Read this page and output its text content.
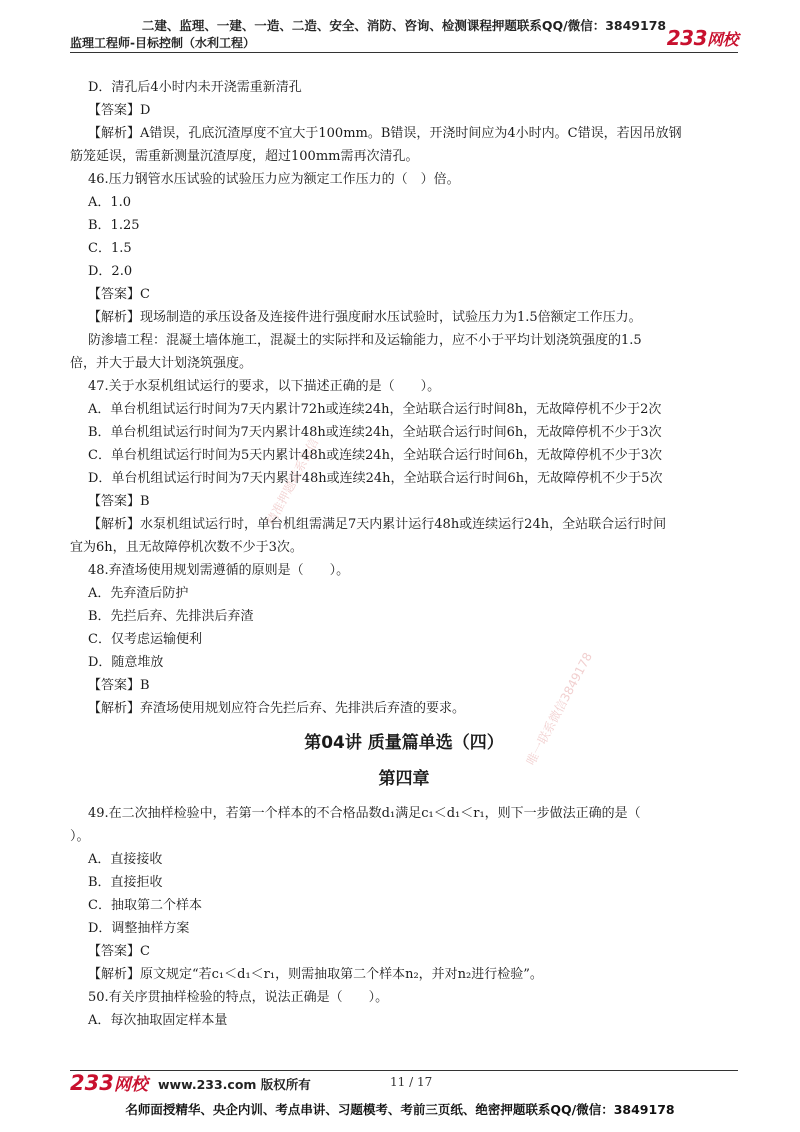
二建、监理、一建、一造、二造、安全、消防、咨询、检测课程押题联系QQ/微信：3849178
监理工程师-目标控制（水利工程）	233网校
精准押题联系微信
唯一联系微信3849178
D．清孔后4小时内未开浇需重新清孔
【答案】D
【解析】A错误，孔底沉渣厚度不宜大于100mm。B错误，开浇时间应为4小时内。C错误，若因吊放钢
筋笼延误，需重新测量沉渣厚度，超过100mm需再次清孔。
46.压力钢管水压试验的试验压力应为额定工作压力的（　）倍。
A．1.0
B．1.25
C．1.5
D．2.0
【答案】C
【解析】现场制造的承压设备及连接件进行强度耐水压试验时，试验压力为1.5倍额定工作压力。
防渗墙工程：混凝土墙体施工，混凝土的实际拌和及运输能力，应不小于平均计划浇筑强度的1.5
倍，并大于最大计划浇筑强度。
47.关于水泵机组试运行的要求，以下描述正确的是（　　）。
A．单台机组试运行时间为7天内累计72h或连续24h，全站联合运行时间8h，无故障停机不少于2次
B．单台机组试运行时间为7天内累计48h或连续24h，全站联合运行时间6h，无故障停机不少于3次
C．单台机组试运行时间为5天内累计48h或连续24h，全站联合运行时间6h，无故障停机不少于3次
D．单台机组试运行时间为7天内累计48h或连续24h，全站联合运行时间6h，无故障停机不少于5次
【答案】B
【解析】水泵机组试运行时，单台机组需满足7天内累计运行48h或连续运行24h，全站联合运行时间
宜为6h，且无故障停机次数不少于3次。
48.弃渣场使用规划需遵循的原则是（　　）。
A．先弃渣后防护
B．先拦后弃、先排洪后弃渣
C．仅考虑运输便利
D．随意堆放
【答案】B
【解析】弃渣场使用规划应符合先拦后弃、先排洪后弃渣的要求。
第04讲 质量篇单选（四）
第四章
49.在二次抽样检验中，若第一个样本的不合格品数d₁满足c₁＜d₁＜r₁，则下一步做法正确的是（
）。
A．直接接收
B．直接拒收
C．抽取第二个样本
D．调整抽样方案
【答案】C
【解析】原文规定“若c₁＜d₁＜r₁，则需抽取第二个样本n₂，并对n₂进行检验”。
50.有关序贯抽样检验的特点，说法正确是（　　）。
A．每次抽取固定样本量
233网校 www.233.com 版权所有	11 / 17
名师面授精华、央企内训、考点串讲、习题模考、考前三页纸、绝密押题联系QQ/微信：3849178
